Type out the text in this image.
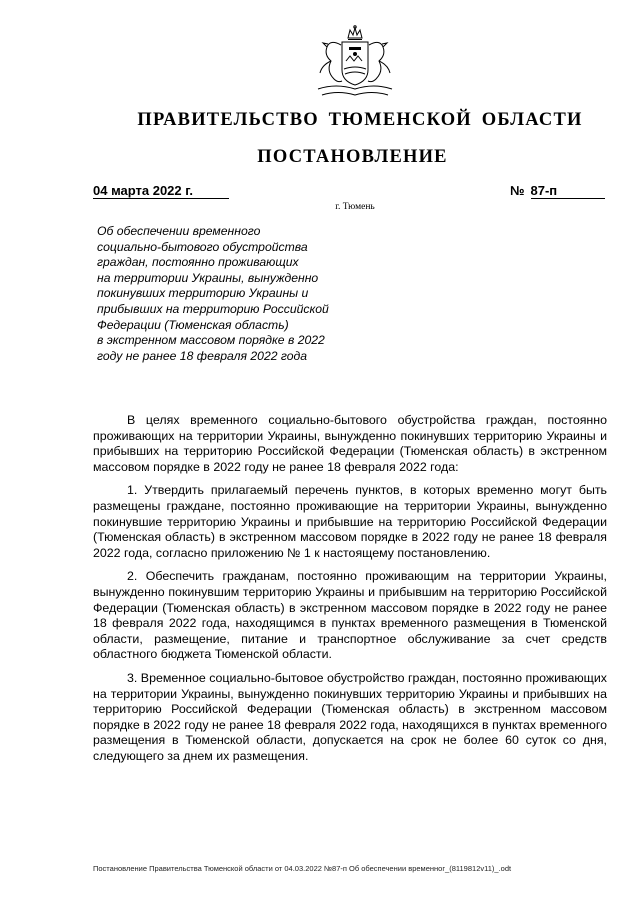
ПРАВИТЕЛЬСТВО ТЮМЕНСКОЙ ОБЛАСТИ
ПОСТАНОВЛЕНИЕ
04 марта 2022 г.	№ 87-п
г. Тюмень
Об обеспечении временного
социально-бытового обустройства
граждан, постоянно проживающих
на территории Украины, вынужденно
покинувших территорию Украины и
прибывших на территорию Российской
Федерации (Тюменская область)
в экстренном массовом порядке в 2022
году не ранее 18 февраля 2022 года

В целях временного социально-бытового обустройства граждан, постоянно проживающих на территории Украины, вынужденно покинувших территорию Украины и прибывших на территорию Российской Федерации (Тюменская область) в экстренном массовом порядке в 2022 году не ранее 18 февраля 2022 года:

1. Утвердить прилагаемый перечень пунктов, в которых временно могут быть размещены граждане, постоянно проживающие на территории Украины, вынужденно покинувшие территорию Украины и прибывшие на территорию Российской Федерации (Тюменская область) в экстренном массовом порядке в 2022 году не ранее 18 февраля 2022 года, согласно приложению № 1 к настоящему постановлению.

2. Обеспечить гражданам, постоянно проживающим на территории Украины, вынужденно покинувшим территорию Украины и прибывшим на территорию Российской Федерации (Тюменская область) в экстренном массовом порядке в 2022 году не ранее 18 февраля 2022 года, находящимся в пунктах временного размещения в Тюменской области, размещение, питание и транспортное обслуживание за счет средств областного бюджета Тюменской области.

3. Временное социально-бытовое обустройство граждан, постоянно проживающих на территории Украины, вынужденно покинувших территорию Украины и прибывших на территорию Российской Федерации (Тюменская область) в экстренном массовом порядке в 2022 году не ранее 18 февраля 2022 года, находящихся в пунктах временного размещения в Тюменской области, допускается на срок не более 60 суток со дня, следующего за днем их размещения.

Постановление Правительства Тюменской области от 04.03.2022 №87-п Об обеспечении временног_(8119812v11)_.odt
